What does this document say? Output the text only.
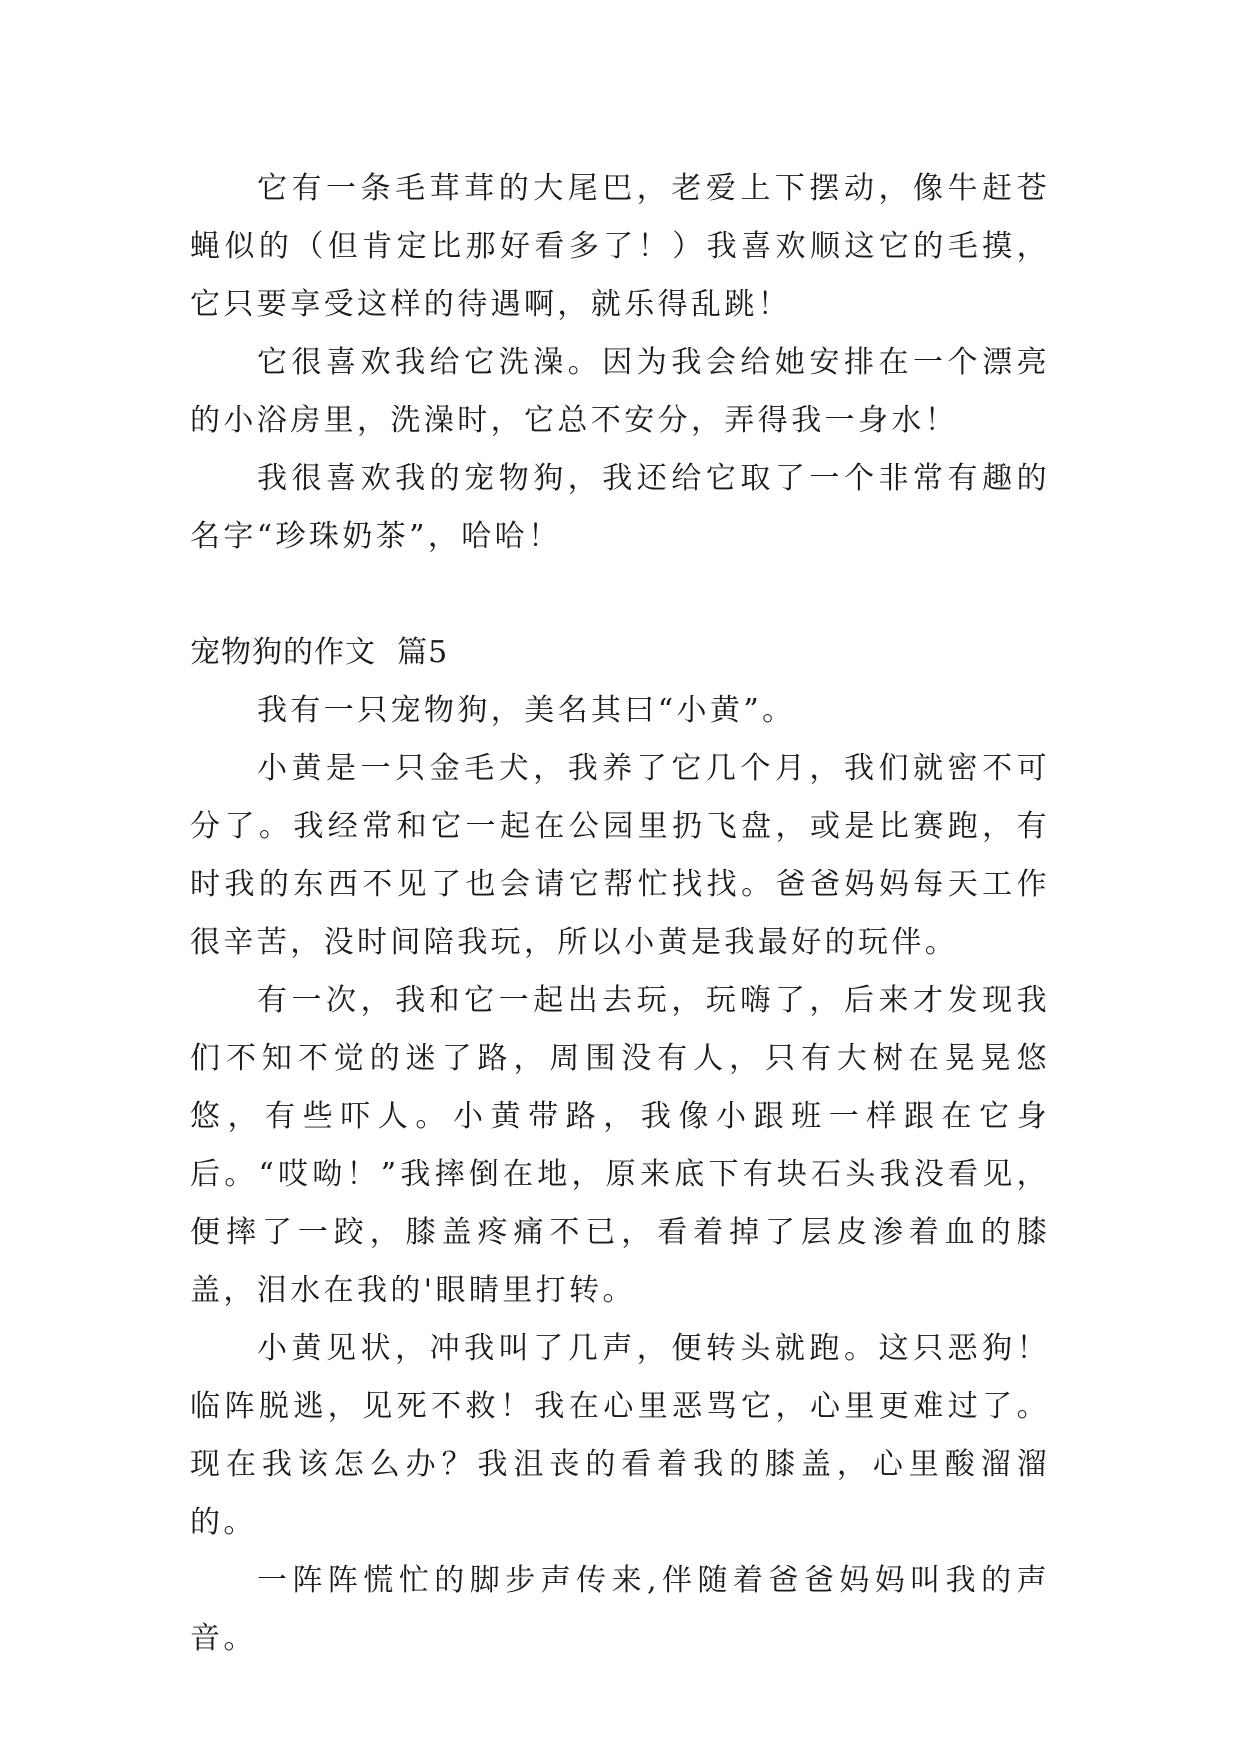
它有一条毛茸茸的大尾巴，老爱上下摆动，像牛赶苍蝇似的（但肯定比那好看多了！）我喜欢顺这它的毛摸，它只要享受这样的待遇啊，就乐得乱跳！

它很喜欢我给它洗澡。因为我会给她安排在一个漂亮的小浴房里，洗澡时，它总不安分，弄得我一身水！

我很喜欢我的宠物狗，我还给它取了一个非常有趣的名字“珍珠奶茶”，哈哈！

宠物狗的作文  篇5

我有一只宠物狗，美名其曰“小黄”。

小黄是一只金毛犬，我养了它几个月，我们就密不可分了。我经常和它一起在公园里扔飞盘，或是比赛跑，有时我的东西不见了也会请它帮忙找找。爸爸妈妈每天工作很辛苦，没时间陪我玩，所以小黄是我最好的玩伴。

有一次，我和它一起出去玩，玩嗨了，后来才发现我们不知不觉的迷了路，周围没有人，只有大树在晃晃悠悠，有些吓人。小黄带路，我像小跟班一样跟在它身后。“哎呦！”我摔倒在地，原来底下有块石头我没看见，便摔了一跤，膝盖疼痛不已，看着掉了层皮渗着血的膝盖，泪水在我的'眼睛里打转。

小黄见状，冲我叫了几声，便转头就跑。这只恶狗！临阵脱逃，见死不救！我在心里恶骂它，心里更难过了。现在我该怎么办？我沮丧的看着我的膝盖，心里酸溜溜的。

一阵阵慌忙的脚步声传来,伴随着爸爸妈妈叫我的声音。
